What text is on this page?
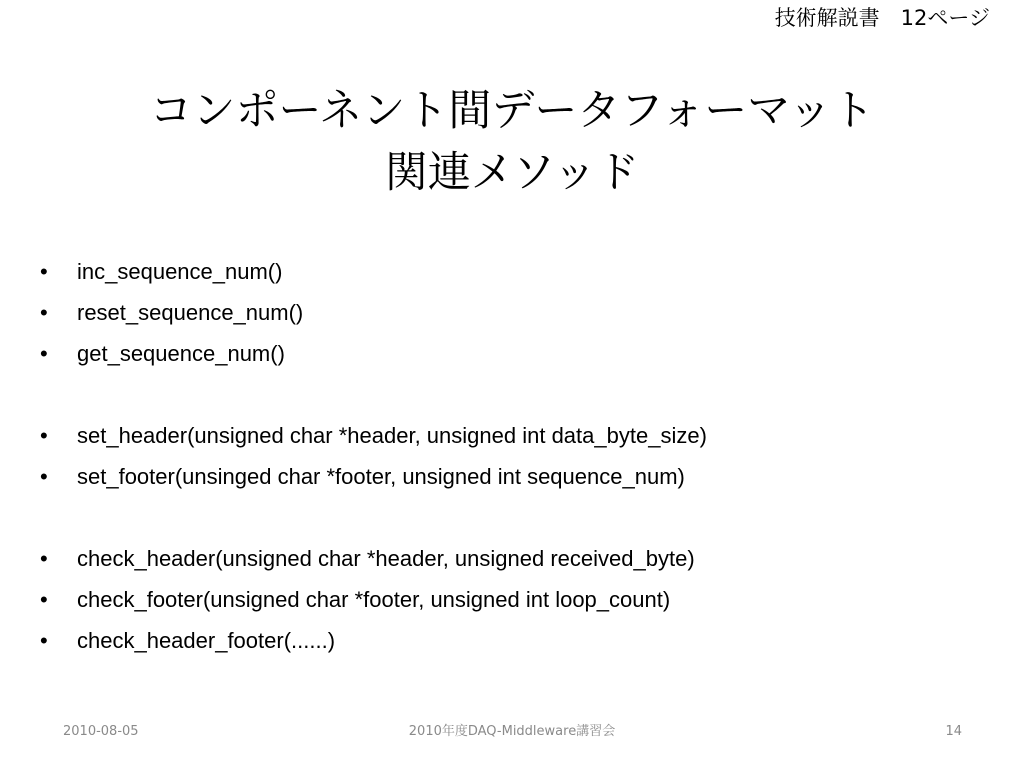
技術解説書　12ページ
コンポーネント間データフォーマット
関連メソッド
•	inc_sequence_num()
•	reset_sequence_num()
•	get_sequence_num()
•	set_header(unsigned char *header, unsigned int data_byte_size)
•	set_footer(unsinged char *footer, unsigned int sequence_num)
•	check_header(unsigned char *header, unsigned received_byte)
•	check_footer(unsigned char *footer, unsigned int loop_count)
•	check_header_footer(......)
2010-08-05	2010年度DAQ-Middleware講習会	14
